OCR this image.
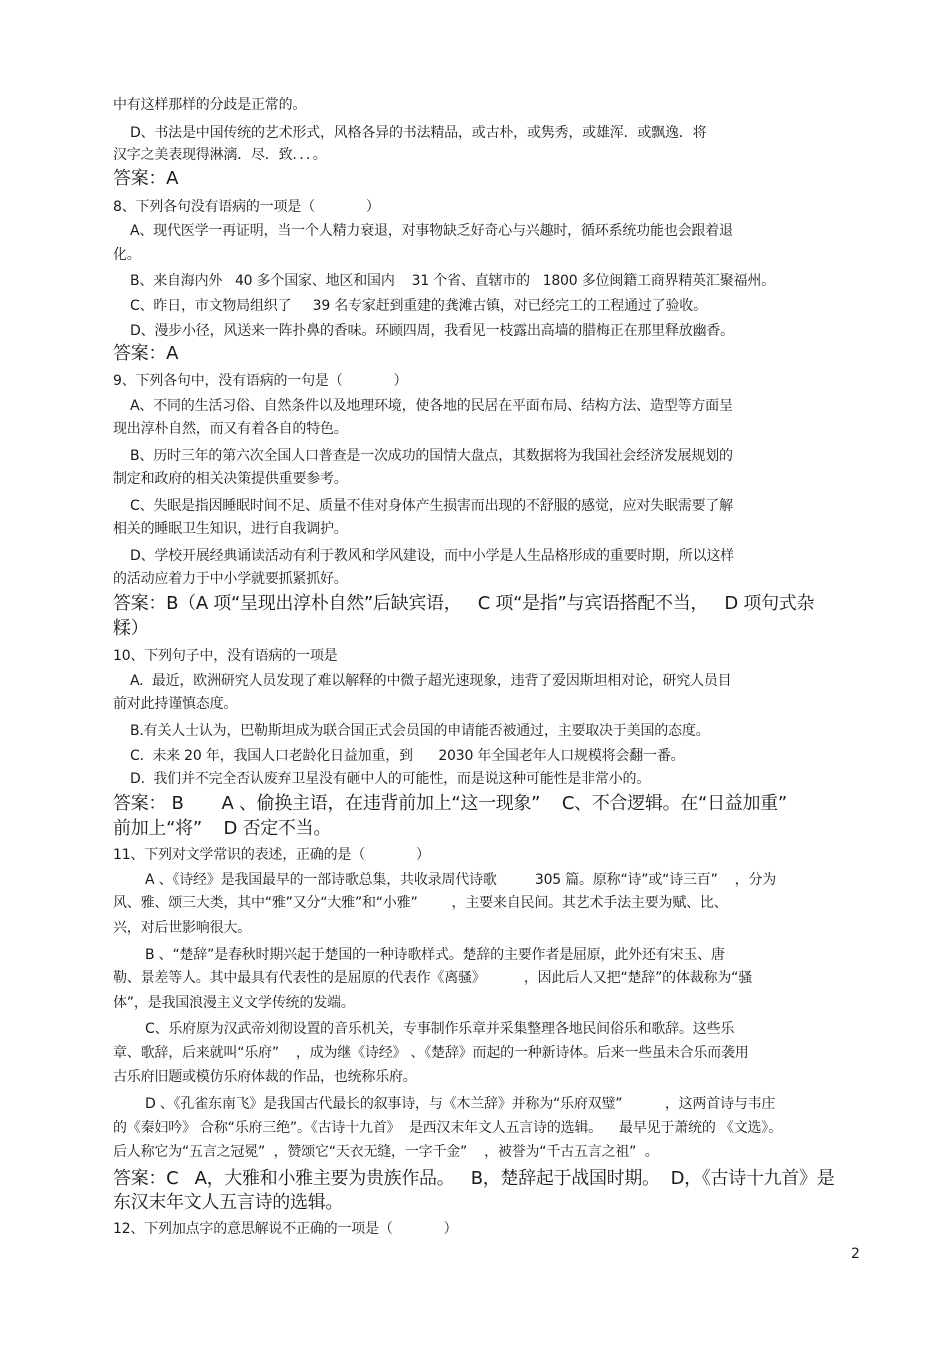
中有这样那样的分歧是正常的。
D、书法是中国传统的艺术形式，风格各异的书法精品，或古朴，或隽秀，或雄浑．或飘逸．将
汉字之美表现得淋漓．尽．致．．．。
答案：A
8、下列各句没有语病的一项是（            ）
A、现代医学一再证明，当一个人精力衰退，对事物缺乏好奇心与兴趣时，循环系统功能也会跟着退
化。
B、来自海内外   40 多个国家、地区和国内    31 个省、直辖市的   1800 多位闽籍工商界精英汇聚福州。
C、昨日，市文物局组织了     39 名专家赶到重建的龚滩古镇，对已经完工的工程通过了验收。
D、漫步小径，风送来一阵扑鼻的香味。环顾四周，我看见一枝露出高墙的腊梅正在那里释放幽香。
答案：A
9、下列各句中，没有语病的一句是（            ）
A、不同的生活习俗、自然条件以及地理环境，使各地的民居在平面布局、结构方法、造型等方面呈
现出淳朴自然，而又有着各自的特色。
B、历时三年的第六次全国人口普查是一次成功的国情大盘点，其数据将为我国社会经济发展规划的
制定和政府的相关决策提供重要参考。
C、失眠是指因睡眠时间不足、质量不佳对身体产生损害而出现的不舒服的感觉，应对失眠需要了解
相关的睡眠卫生知识，进行自我调护。
D、学校开展经典诵读活动有利于教风和学风建设，而中小学是人生品格形成的重要时期，所以这样
的活动应着力于中小学就要抓紧抓好。
答案：B（A 项“呈现出淳朴自然”后缺宾语，   C 项“是指”与宾语搭配不当，   D 项句式杂
糅）
10、下列句子中，没有语病的一项是
A.  最近，欧洲研究人员发现了难以解释的中微子超光速现象，违背了爱因斯坦相对论，研究人员目
前对此持谨慎态度。
B.有关人士认为，巴勒斯坦成为联合国正式会员国的申请能否被通过，主要取决于美国的态度。
C.  未来 20 年，我国人口老龄化日益加重，到      2030 年全国老年人口规模将会翻一番。
D.  我们并不完全否认废弃卫星没有砸中人的可能性，而是说这种可能性是非常小的。
答案： B       A 、偷换主语，在违背前加上“这一现象”    C、不合逻辑。在“日益加重”
前加上“将”    D 否定不当。
11、下列对文学常识的表述，正确的是（            ）
A 、《诗经》是我国最早的一部诗歌总集，共收录周代诗歌         305 篇。原称“诗”或“诗三百”    ，分为
风、雅、颂三大类，其中“雅”又分“大雅”和“小雅”        ，主要来自民间。其艺术手法主要为赋、比、
兴，对后世影响很大。
B 、“楚辞”是春秋时期兴起于楚国的一种诗歌样式。楚辞的主要作者是屈原，此外还有宋玉、唐
勒、景差等人。其中最具有代表性的是屈原的代表作《离骚》         ，因此后人又把“楚辞”的体裁称为“骚
体”，是我国浪漫主义文学传统的发端。
C、乐府原为汉武帝刘彻设置的音乐机关，专事制作乐章并采集整理各地民间俗乐和歌辞。这些乐
章、歌辞，后来就叫“乐府”    ，成为继《诗经》 、《楚辞》而起的一种新诗体。后来一些虽未合乐而袭用
古乐府旧题或模仿乐府体裁的作品，也统称乐府。
D 、《孔雀东南飞》是我国古代最长的叙事诗，与《木兰辞》并称为“乐府双璧”          ，这两首诗与韦庄
的《秦妇吟》 合称“乐府三绝”。《古诗十九首》  是西汉末年文人五言诗的选辑。    最早见于萧统的 《文选》。
后人称它为“五言之冠冕”  ，赞颂它“天衣无缝，一字千金”    ，被誉为“千古五言之祖”  。
答案：C   A，大雅和小雅主要为贵族作品。   B，楚辞起于战国时期。  D，《古诗十九首》是
东汉末年文人五言诗的选辑。
12、下列加点字的意思解说不正确的一项是（            ）
2
